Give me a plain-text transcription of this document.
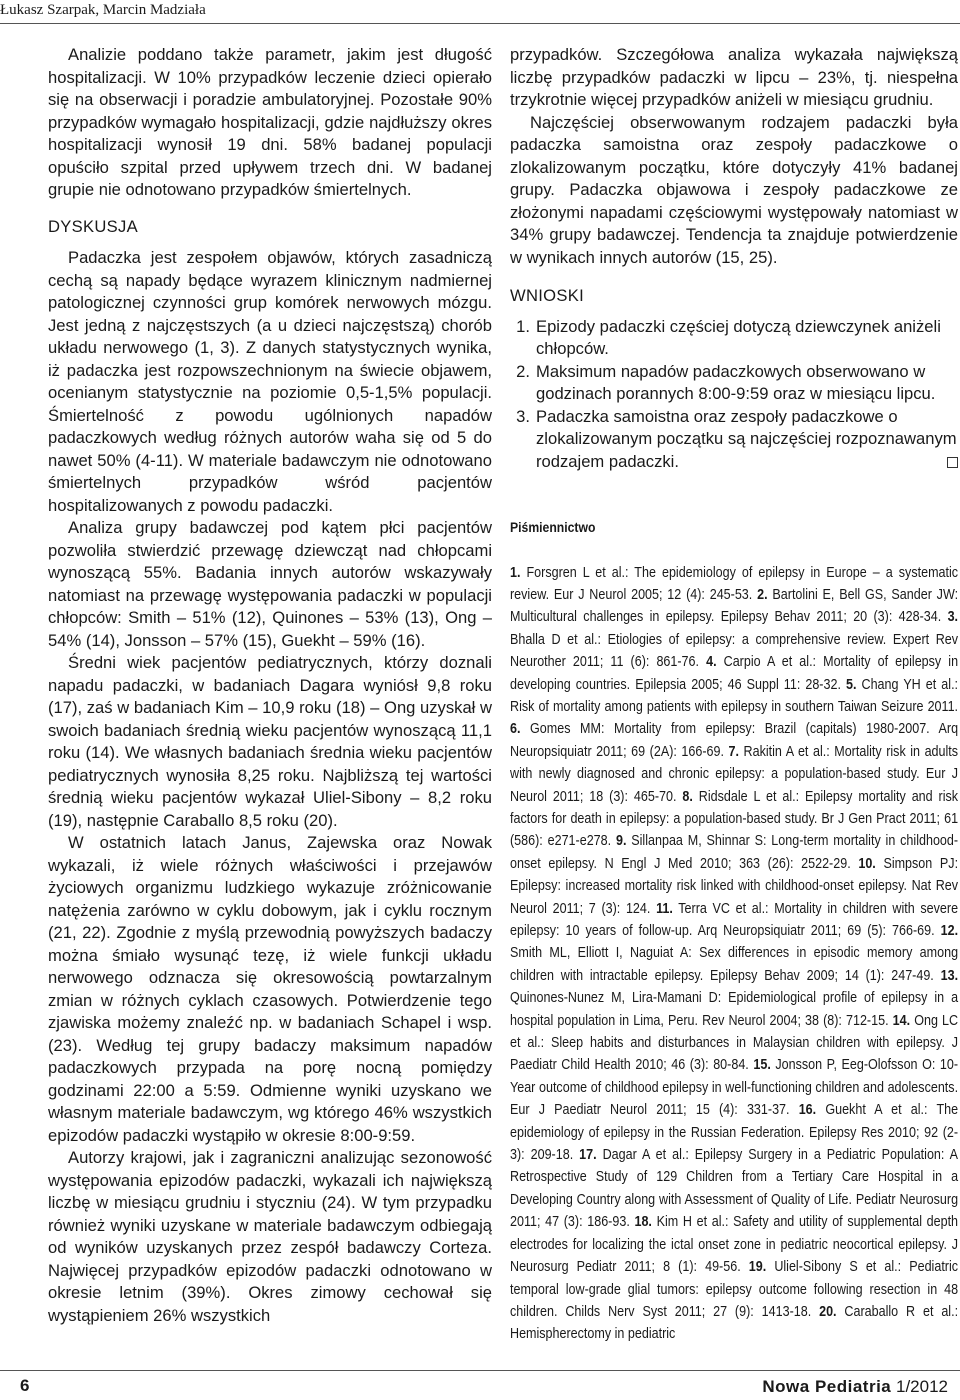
Łukasz Szarpak, Marcin Madziała

Analizie poddano także parametr, jakim jest długość hospitalizacji. W 10% przypadków leczenie dzieci opierało się na obserwacji i poradzie ambulatoryjnej. Pozostałe 90% przypadków wymagało hospitalizacji, gdzie najdłuższy okres hospitalizacji wynosił 19 dni. 58% badanej populacji opuściło szpital przed upływem trzech dni. W badanej grupie nie odnotowano przypadków śmiertelnych.

DYSKUSJA

Padaczka jest zespołem objawów, których zasadniczą cechą są napady będące wyrazem klinicznym nadmiernej patologicznej czynności grup komórek nerwowych mózgu. Jest jedną z najczęstszych (a u dzieci najczęstszą) chorób układu nerwowego (1, 3). Z danych statystycznych wynika, iż padaczka jest rozpowszechnionym na świecie objawem, ocenianym statystycznie na poziomie 0,5-1,5% populacji. Śmiertelność z powodu ugólnionych napadów padaczkowych według różnych autorów waha się od 5 do nawet 50% (4-11). W materiale badawczym nie odnotowano śmiertelnych przypadków wśród pacjentów hospitalizowanych z powodu padaczki.

Analiza grupy badawczej pod kątem płci pacjentów pozwoliła stwierdzić przewagę dziewcząt nad chłopcami wynoszącą 55%. Badania innych autorów wskazywały natomiast na przewagę występowania padaczki w populacji chłopców: Smith – 51% (12), Quinones – 53% (13), Ong – 54% (14), Jonsson – 57% (15), Guekht – 59% (16).

Średni wiek pacjentów pediatrycznych, którzy doznali napadu padaczki, w badaniach Dagara wyniósł 9,8 roku (17), zaś w badaniach Kim – 10,9 roku (18) – Ong uzyskał w swoich badaniach średnią wieku pacjentów wynoszącą 11,1 roku (14). We własnych badaniach średnia wieku pacjentów pediatrycznych wynosiła 8,25 roku. Najbliższą tej wartości średnią wieku pacjentów wykazał Uliel-Sibony – 8,2 roku (19), następnie Caraballo 8,5 roku (20).

W ostatnich latach Janus, Zajewska oraz Nowak wykazali, iż wiele różnych właściwości i przejawów życiowych organizmu ludzkiego wykazuje zróżnicowanie natężenia zarówno w cyklu dobowym, jak i cyklu rocznym (21, 22). Zgodnie z myślą przewodnią powyższych badaczy można śmiało wysunąć tezę, iż wiele funkcji układu nerwowego odznacza się okresowością powtarzalnym zmian w różnych cyklach czasowych. Potwierdzenie tego zjawiska możemy znaleźć np. w badaniach Schapel i wsp. (23). Według tej grupy badaczy maksimum napadów padaczkowych przypada na porę nocną pomiędzy godzinami 22:00 a 5:59. Odmienne wyniki uzyskano we własnym materiale badawczym, wg którego 46% wszystkich epizodów padaczki wystąpiło w okresie 8:00-9:59.

Autorzy krajowi, jak i zagraniczni analizując sezonowość występowania epizodów padaczki, wykazali ich największą liczbę w miesiącu grudniu i styczniu (24). W tym przypadku również wyniki uzyskane w materiale badawczym odbiegają od wyników uzyskanych przez zespół badawczy Corteza. Najwięcej przypadków epizodów padaczki odnotowano w okresie letnim (39%). Okres zimowy cechował się wystąpieniem 26% wszystkich

przypadków. Szczegółowa analiza wykazała największą liczbę przypadków padaczki w lipcu – 23%, tj. niespełna trzykrotnie więcej przypadków aniżeli w miesiącu grudniu.

Najczęściej obserwowanym rodzajem padaczki była padaczka samoistna oraz zespoły padaczkowe o zlokalizowanym początku, które dotyczyły 41% badanej grupy. Padaczka objawowa i zespoły padaczkowe ze złożonymi napadami częściowymi występowały natomiast w 34% grupy badawczej. Tendencja ta znajduje potwierdzenie w wynikach innych autorów (15, 25).

WNIOSKI
1. Epizody padaczki częściej dotyczą dziewczynek aniżeli chłopców.
2. Maksimum napadów padaczkowych obserwowano w godzinach porannych 8:00-9:59 oraz w miesiącu lipcu.
3. Padaczka samoistna oraz zespoły padaczkowe o zlokalizowanym początku są najczęściej rozpoznawanym rodzajem padaczki.
Piśmiennictwo
1. Forsgren L et al.: The epidemiology of epilepsy in Europe – a systematic review. Eur J Neurol 2005; 12 (4): 245-53. 2. Bartolini E, Bell GS, Sander JW: Multicultural challenges in epilepsy. Epilepsy Behav 2011; 20 (3): 428-34. 3. Bhalla D et al.: Etiologies of epilepsy: a comprehensive review. Expert Rev Neurother 2011; 11 (6): 861-76. 4. Carpio A et al.: Mortality of epilepsy in developing countries. Epilepsia 2005; 46 Suppl 11: 28-32. 5. Chang YH et al.: Risk of mortality among patients with epilepsy in southern Taiwan Seizure 2011. 6. Gomes MM: Mortality from epilepsy: Brazil (capitals) 1980-2007. Arq Neuropsiquiatr 2011; 69 (2A): 166-69. 7. Rakitin A et al.: Mortality risk in adults with newly diagnosed and chronic epilepsy: a population-based study. Eur J Neurol 2011; 18 (3): 465-70. 8. Ridsdale L et al.: Epilepsy mortality and risk factors for death in epilepsy: a population-based study. Br J Gen Pract 2011; 61 (586): e271-e278. 9. Sillanpaa M, Shinnar S: Long-term mortality in childhood-onset epilepsy. N Engl J Med 2010; 363 (26): 2522-29. 10. Simpson PJ: Epilepsy: increased mortality risk linked with childhood-onset epilepsy. Nat Rev Neurol 2011; 7 (3): 124. 11. Terra VC et al.: Mortality in children with severe epilepsy: 10 years of follow-up. Arq Neuropsiquiatr 2011; 69 (5): 766-69. 12. Smith ML, Elliott I, Naguiat A: Sex differences in episodic memory among children with intractable epilepsy. Epilepsy Behav 2009; 14 (1): 247-49. 13. Quinones-Nunez M, Lira-Mamani D: Epidemiological profile of epilepsy in a hospital population in Lima, Peru. Rev Neurol 2004; 38 (8): 712-15. 14. Ong LC et al.: Sleep habits and disturbances in Malaysian children with epilepsy. J Paediatr Child Health 2010; 46 (3): 80-84. 15. Jonsson P, Eeg-Olofsson O: 10-Year outcome of childhood epilepsy in well-functioning children and adolescents. Eur J Paediatr Neurol 2011; 15 (4): 331-37. 16. Guekht A et al.: The epidemiology of epilepsy in the Russian Federation. Epilepsy Res 2010; 92 (2-3): 209-18. 17. Dagar A et al.: Epilepsy Surgery in a Pediatric Population: A Retrospective Study of 129 Children from a Tertiary Care Hospital in a Developing Country along with Assessment of Quality of Life. Pediatr Neurosurg 2011; 47 (3): 186-93. 18. Kim H et al.: Safety and utility of supplemental depth electrodes for localizing the ictal onset zone in pediatric neocortical epilepsy. J Neurosurg Pediatr 2011; 8 (1): 49-56. 19. Uliel-Sibony S et al.: Pediatric temporal low-grade glial tumors: epilepsy outcome following resection in 48 children. Childs Nerv Syst 2011; 27 (9): 1413-18. 20. Caraballo R et al.: Hemispherectomy in pediatric
6	Nowa Pediatria 1/2012
